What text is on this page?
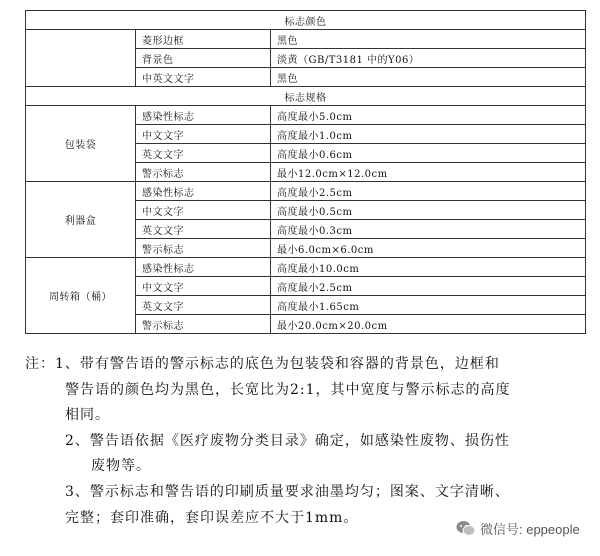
标志颜色		
	菱形边框	黑色
	背景色	淡黄（GB/T3181 中的Y06）
	中英文文字	黑色
标志规格		
包装袋	感染性标志	高度最小5.0cm
	中文文字	高度最小1.0cm
	英文文字	高度最小0.6cm
	警示标志	最小12.0cm×12.0cm
利器盒	感染性标志	高度最小2.5cm
	中文文字	高度最小0.5cm
	英文文字	高度最小0.3cm
	警示标志	最小6.0cm×6.0cm
周转箱（桶）	感染性标志	高度最小10.0cm
	中文文字	高度最小2.5cm
	英文文字	高度最小1.65cm
	警示标志	最小20.0cm×20.0cm

注：1、带有警告语的警示标志的底色为包装袋和容器的背景色，边框和

警告语的颜色均为黑色，长宽比为2:1，其中宽度与警示标志的高度

相同。

2、警告语依据《医疗废物分类目录》确定，如感染性废物、损伤性

废物等。

3、警示标志和警告语的印刷质量要求油墨均匀；图案、文字清晰、

完整；套印准确，套印误差应不大于1mm。

微信号: eppeople
